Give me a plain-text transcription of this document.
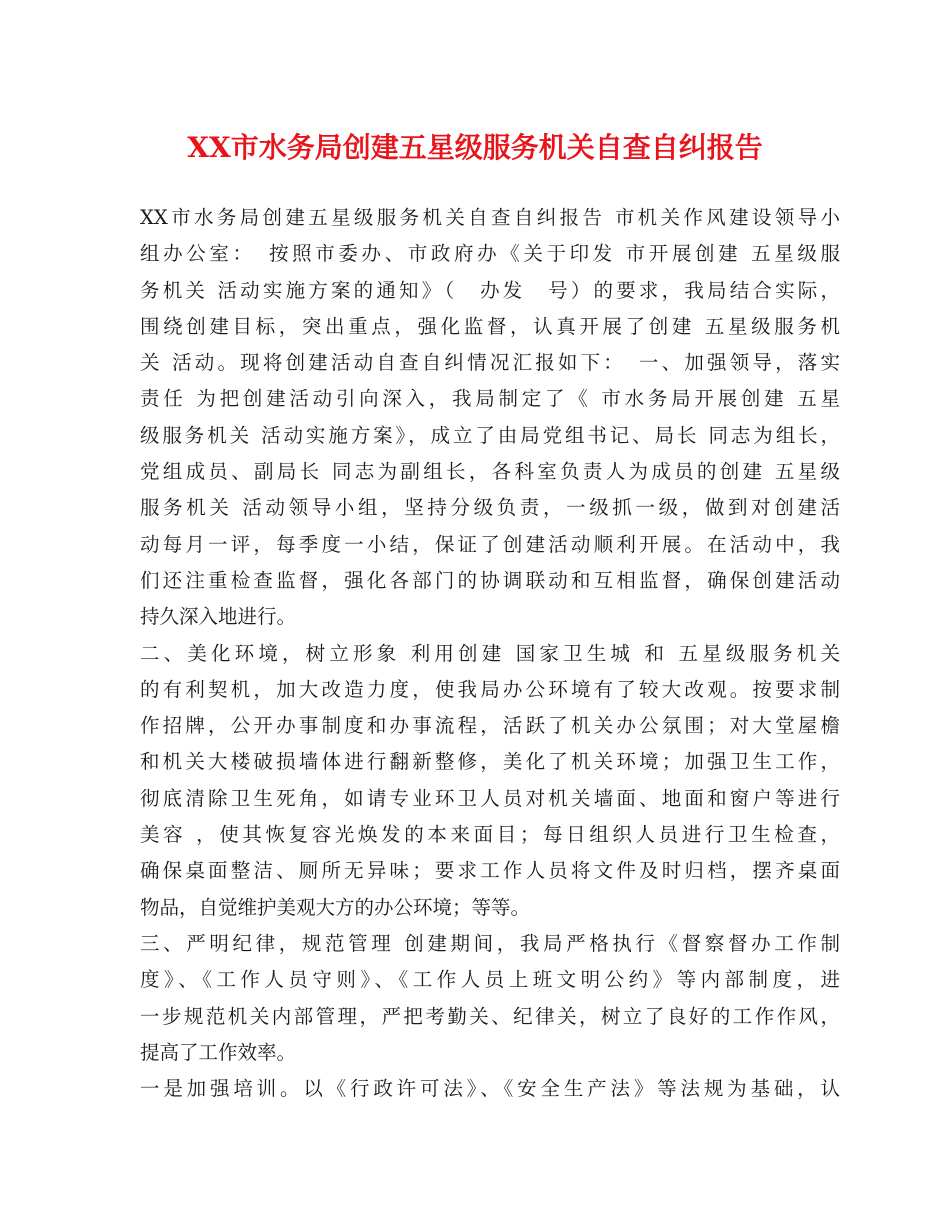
XX市水务局创建五星级服务机关自查自纠报告
XX市水务局创建五星级服务机关自查自纠报告 市机关作风建设领导小
组办公室：　按照市委办、市政府办《关于印发 市开展创建 五星级服
务机关 活动实施方案的通知》（　办发　号）的要求，我局结合实际，
围绕创建目标，突出重点，强化监督，认真开展了创建 五星级服务机
关 活动。现将创建活动自查自纠情况汇报如下：　一、加强领导，落实
责任 为把创建活动引向深入，我局制定了《 市水务局开展创建 五星
级服务机关 活动实施方案》，成立了由局党组书记、局长 同志为组长，
党组成员、副局长 同志为副组长，各科室负责人为成员的创建 五星级
服务机关 活动领导小组，坚持分级负责，一级抓一级，做到对创建活
动每月一评，每季度一小结，保证了创建活动顺利开展。在活动中，我
们还注重检查监督，强化各部门的协调联动和互相监督，确保创建活动
持久深入地进行。
二、美化环境，树立形象 利用创建 国家卫生城 和 五星级服务机关
的有利契机，加大改造力度，使我局办公环境有了较大改观。按要求制
作招牌，公开办事制度和办事流程，活跃了机关办公氛围；对大堂屋檐
和机关大楼破损墙体进行翻新整修，美化了机关环境；加强卫生工作，
彻底清除卫生死角，如请专业环卫人员对机关墙面、地面和窗户等进行
美容 ，使其恢复容光焕发的本来面目；每日组织人员进行卫生检查，
确保桌面整洁、厕所无异味；要求工作人员将文件及时归档，摆齐桌面
物品，自觉维护美观大方的办公环境；等等。
三、严明纪律，规范管理 创建期间，我局严格执行《督察督办工作制
度》、《工作人员守则》、《工作人员上班文明公约》等内部制度，进
一步规范机关内部管理，严把考勤关、纪律关，树立了良好的工作作风，
提高了工作效率。
一是加强培训。以《行政许可法》、《安全生产法》等法规为基础，认
